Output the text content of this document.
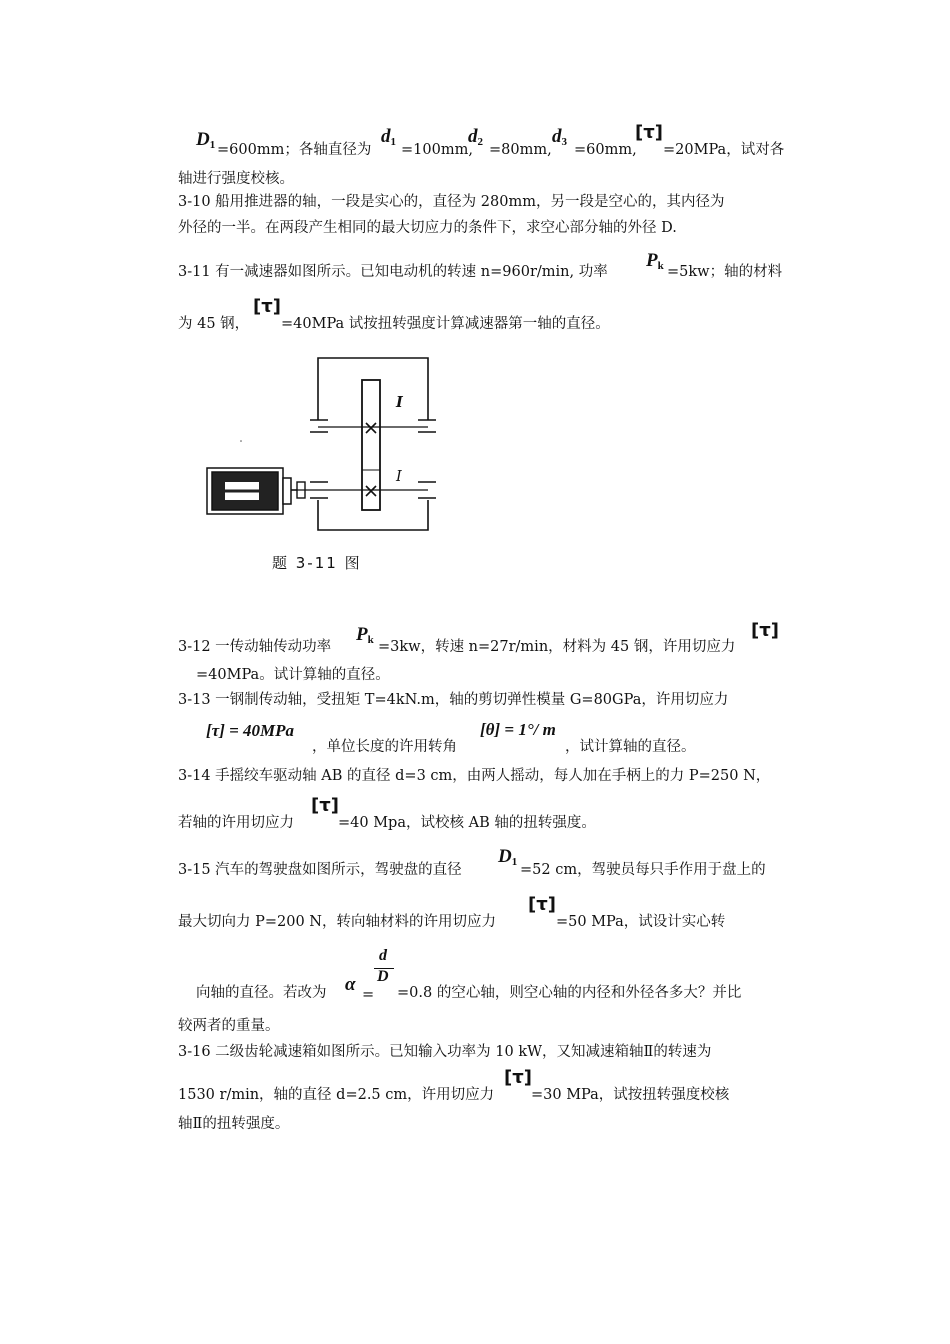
$D_1 =600mm$；各轴直径为
$d_1 =100mm$,
$d_2 =80mm$,
$d_3 =60mm$,
[τ]
=20MPa，试对各
轴进行强度校核。
3-10 船用推进器的轴，一段是实心的，直径为 280mm，另一段是空心的，其内径为
外径的一半。在两段产生相同的最大切应力的条件下，求空心部分轴的外径 D.
3-11 有一减速器如图所示。已知电动机的转速 n=960r/min, 功率
$P_k =5kw$；轴的材料
为 45 钢，
[τ]
=40MPa 试按扭转强度计算减速器第一轴的直径。
I
I
题 3-11 图
3-12 一传动轴传动功率
$P_k =3kw$，转速 n=27r/min，材料为 45 钢，许用切应力
[τ]
=40MPa。试计算轴的直径。
3-13 一钢制传动轴，受扭矩 T=4kN.m，轴的剪切弹性模量 G=80GPa，许用切应力
[τ] = 40MPa
，单位长度的许用转角
[θ] = 1°/ m
，试计算轴的直径。
3-14 手摇绞车驱动轴 AB 的直径 d=3 cm，由两人摇动，每人加在手柄上的力 P=250 N，
若轴的许用切应力
[τ]
=40 Mpa，试校核 AB 轴的扭转强度。
3-15 汽车的驾驶盘如图所示，驾驶盘的直径
$D_1 =52$ cm，驾驶员每只手作用于盘上的
最大切向力 P=200 N，转向轴材料的许用切应力
[τ]
=50 MPa，试设计实心转
向轴的直径。若改为 α =
d
D
=0.8 的空心轴，则空心轴的内径和外径各多大？并比
较两者的重量。
3-16 二级齿轮减速箱如图所示。已知输入功率为 10 kW，又知减速箱轴Ⅱ的转速为
1530 r/min，轴的直径 d=2.5 cm，许用切应力
[τ]
=30 MPa，试按扭转强度校核
轴Ⅱ的扭转强度。
